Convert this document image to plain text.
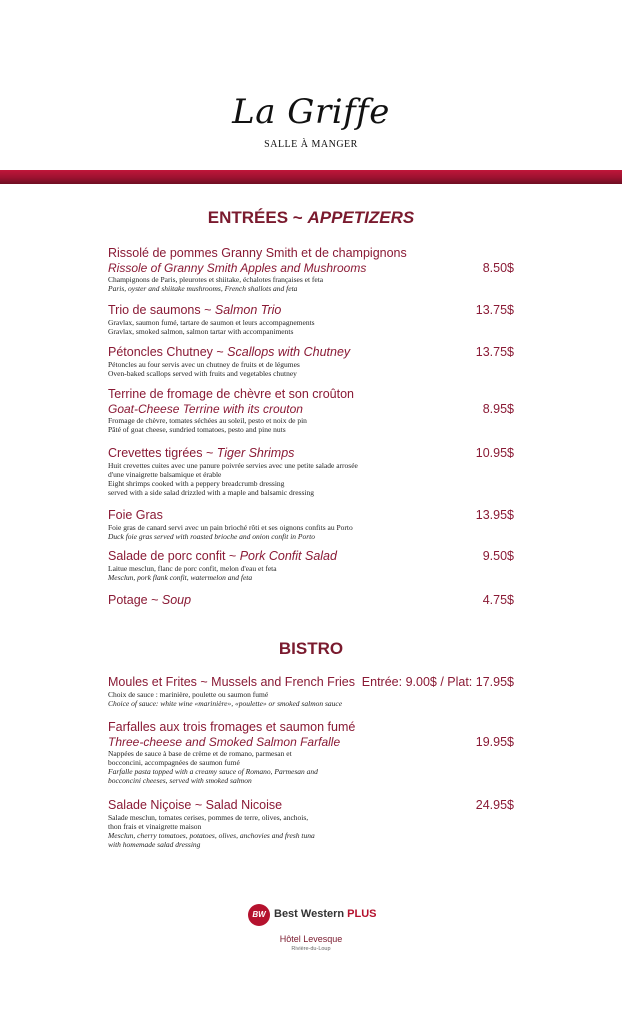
La Griffe
SALLE À MANGER
ENTRÉES ~ APPETIZERS
Rissolé de pommes Granny Smith et de champignons
Rissole of Granny Smith Apples and Mushrooms
Champignons de Paris, pleurotes et shiitake, échalotes françaises et feta
Paris, oyster and shiitake mushrooms, French shallots and feta
8.50$
Trio de saumons ~ Salmon Trio
Gravlax, saumon fumé, tartare de saumon et leurs accompagnements
Gravlax, smoked salmon, salmon tartar with accompaniments
13.75$
Pétoncles Chutney ~ Scallops with Chutney
Pétoncles au four servis avec un chutney de fruits et de légumes
Oven-baked scallops served with fruits and vegetables chutney
13.75$
Terrine de fromage de chèvre et son croûton
Goat-Cheese Terrine with its crouton
Fromage de chèvre, tomates séchées au soleil, pesto et noix de pin
Pâté of goat cheese, sundried tomatoes, pesto and pine nuts
8.95$
Crevettes tigrées ~ Tiger Shrimps
Huit crevettes cuites avec une panure poivrée servies avec une petite salade arrosée
d'une vinaigrette balsamique et érable
Eight shrimps cooked with a peppery breadcrumb dressing
served with a side salad drizzled with a maple and balsamic dressing
10.95$
Foie Gras
Foie gras de canard servi avec un pain brioché rôti et ses oignons confits au Porto
Duck foie gras served with roasted brioche and onion confit in Porto
13.95$
Salade de porc confit ~ Pork Confit Salad
Laitue mesclun, flanc de porc confit, melon d'eau et feta
Mesclun, pork flank confit, watermelon and feta
9.50$
Potage ~ Soup	4.75$
BISTRO
Moules et Frites ~ Mussels and French Fries
Choix de sauce : marinière, poulette ou saumon fumé
Choice of sauce: white wine «marinière», «poulette» or smoked salmon sauce
Entrée: 9.00$ / Plat: 17.95$
Farfalles aux trois fromages et saumon fumé
Three-cheese and Smoked Salmon Farfalle
Nappées de sauce à base de crème et de romano, parmesan et
bocconcini, accompagnées de saumon fumé
Farfalle pasta topped with a creamy sauce of Romano, Parmesan and
bocconcini cheeses, served with smoked salmon
19.95$
Salade Niçoise ~ Salad Nicoise
Salade mesclun, tomates cerises, pommes de terre, olives, anchois,
thon frais et vinaigrette maison
Mesclun, cherry tomatoes, potatoes, olives, anchovies and fresh tuna
with homemade salad dressing
24.95$
BW Best Western PLUS
Hôtel Levesque
Rivière-du-Loup
